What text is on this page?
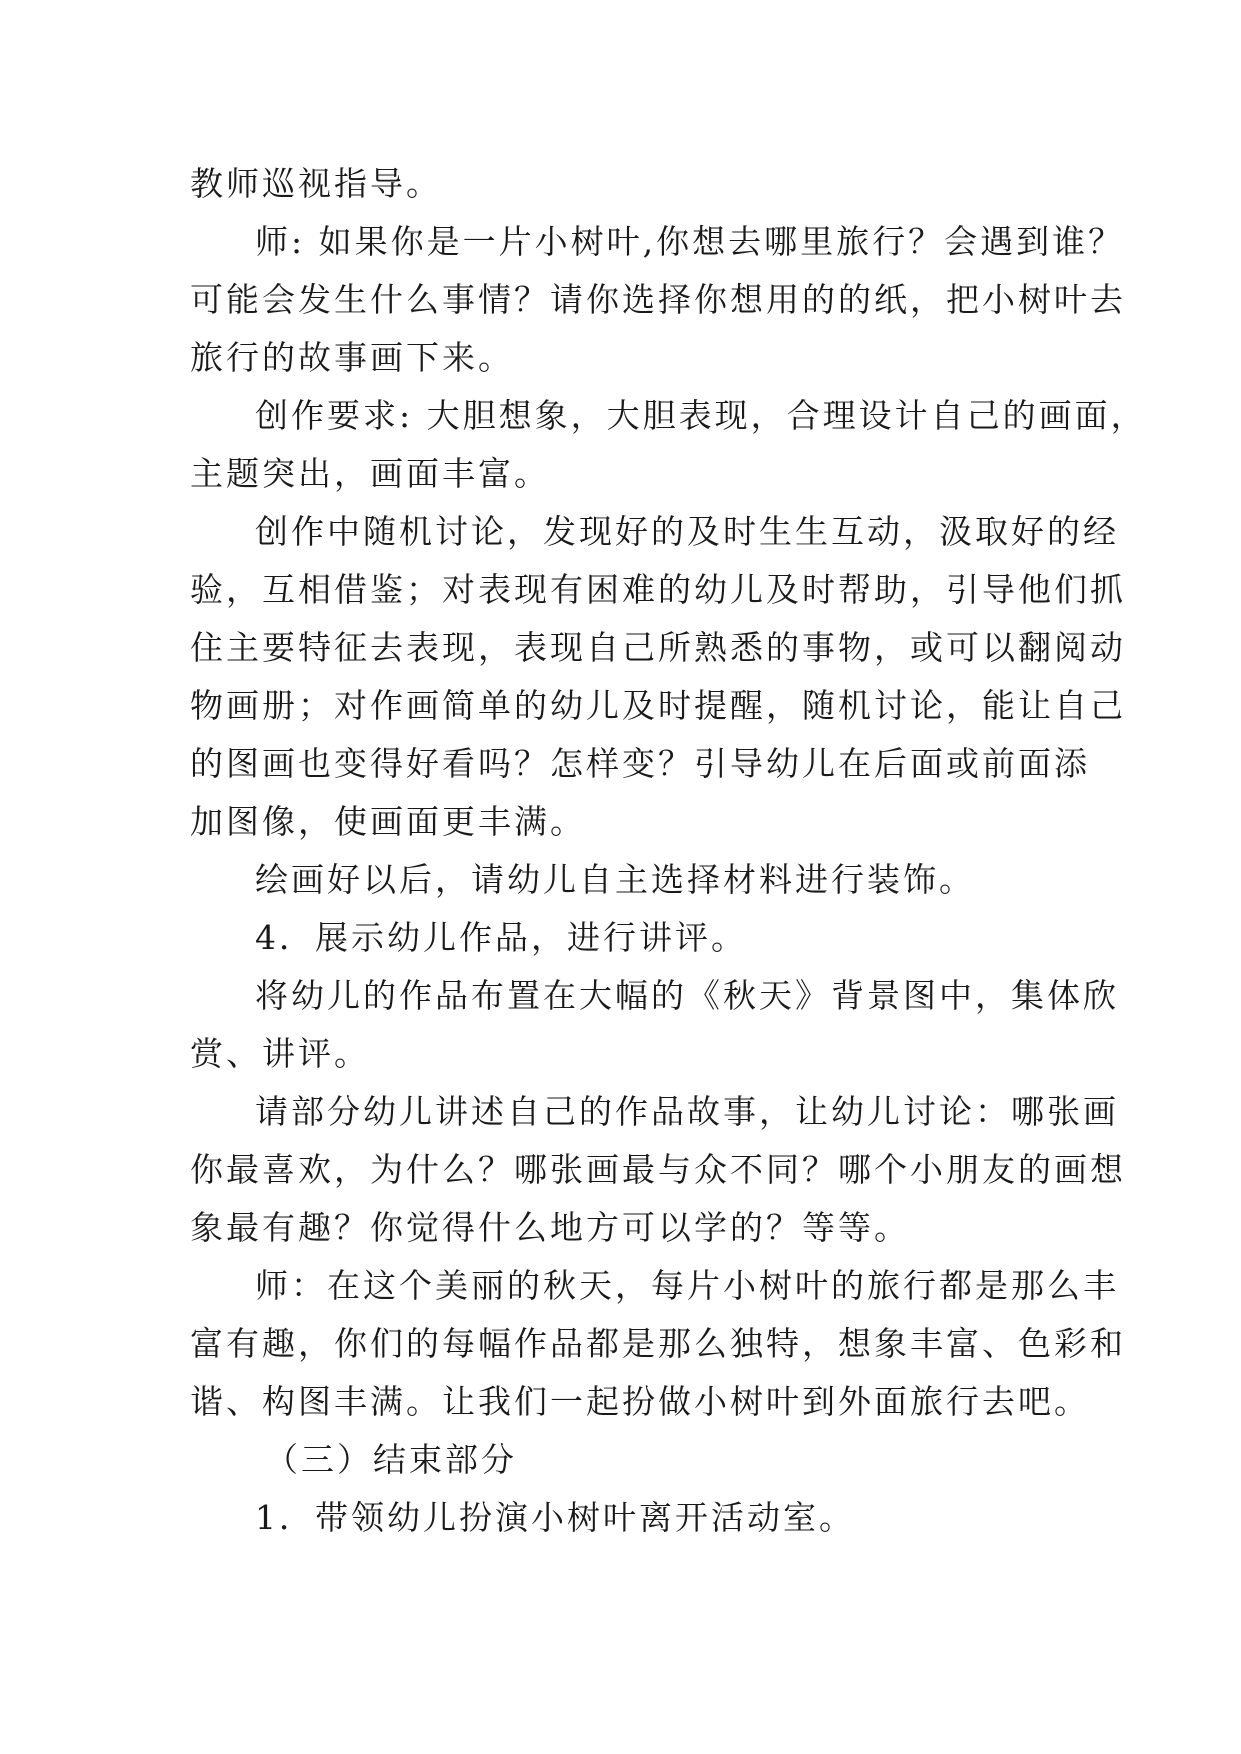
教师巡视指导。
师: 如果你是一片小树叶,你想去哪里旅行？会遇到谁？
可能会发生什么事情？请你选择你想用的的纸，把小树叶去
旅行的故事画下来。
创作要求: 大胆想象，大胆表现，合理设计自己的画面，
主题突出，画面丰富。
创作中随机讨论，发现好的及时生生互动，汲取好的经
验，互相借鉴；对表现有困难的幼儿及时帮助，引导他们抓
住主要特征去表现，表现自己所熟悉的事物，或可以翻阅动
物画册；对作画简单的幼儿及时提醒，随机讨论，能让自己
的图画也变得好看吗？怎样变？引导幼儿在后面或前面添
加图像，使画面更丰满。
绘画好以后，请幼儿自主选择材料进行装饰。
4．展示幼儿作品，进行讲评。
将幼儿的作品布置在大幅的《秋天》背景图中，集体欣
赏、讲评。
请部分幼儿讲述自己的作品故事，让幼儿讨论：哪张画
你最喜欢，为什么？哪张画最与众不同？哪个小朋友的画想
象最有趣？你觉得什么地方可以学的？等等。
师：在这个美丽的秋天，每片小树叶的旅行都是那么丰
富有趣，你们的每幅作品都是那么独特，想象丰富、色彩和
谐、构图丰满。让我们一起扮做小树叶到外面旅行去吧。
（三）结束部分
1．带领幼儿扮演小树叶离开活动室。
